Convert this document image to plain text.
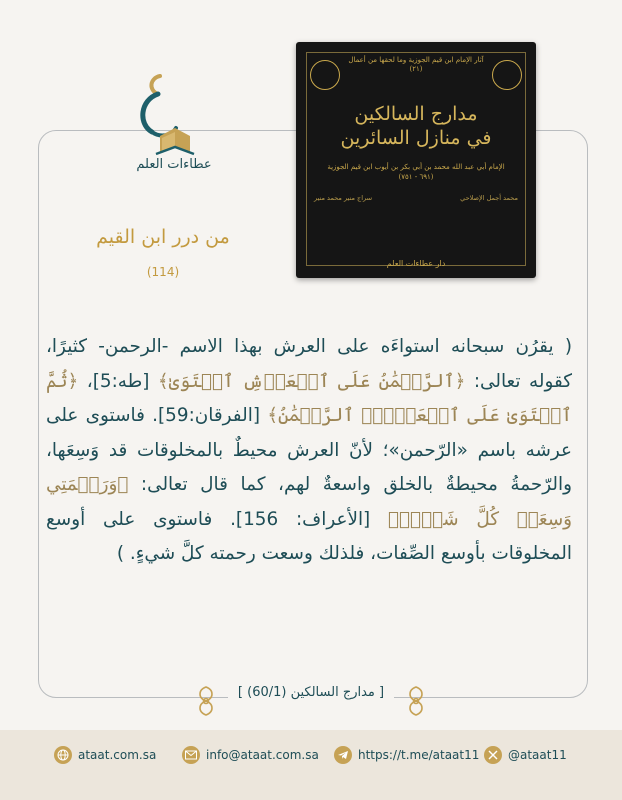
عطاءات العلم
آثار الإمام ابن قيم الجوزية وما لحقها من أعمال
(٢١)
مدارج السالكين
في منازل السائرين
الإمام أبي عبد الله محمد بن أبي بكر بن أيوب ابن قيم الجوزية
(٦٩١ - ٧٥١)
محمد أجمل الإصلاحي
سراج منير محمد منير
دار عطاءات العلم
من درر ابن القيم
(114)
( يقرُن سبحانه استواءَه على العرش بهذا الاسم -الرحمن- كثيرًا، كقوله تعالى: ﴿ٱلرَّحۡمَٰنُ عَلَى ٱلۡعَرۡشِ ٱسۡتَوَىٰ﴾ [طه:5]، ﴿ثُمَّ ٱسۡتَوَىٰ عَلَى ٱلۡعَرۡشِۖ ٱلرَّحۡمَٰنُ﴾ [الفرقان:59]. فاستوى على عرشه باسم «الرّحمن»؛ لأنّ العرش محيطٌ بالمخلوقات قد وَسِعَها، والرّحمةُ محيطةٌ بالخلق واسعةٌ لهم، كما قال تعالى: ﴿وَرَحۡمَتِي وَسِعَتۡ كُلَّ شَيۡءٖ﴾ [الأعراف: 156]. فاستوى على أوسع المخلوقات بأوسع الصِّفات، فلذلك وسعت رحمته كلَّ شيءٍ. )
[ مدارج السالكين (60/1) ]
ataat.com.sa	info@ataat.com.sa	https://t.me/ataat11 @ataat11
